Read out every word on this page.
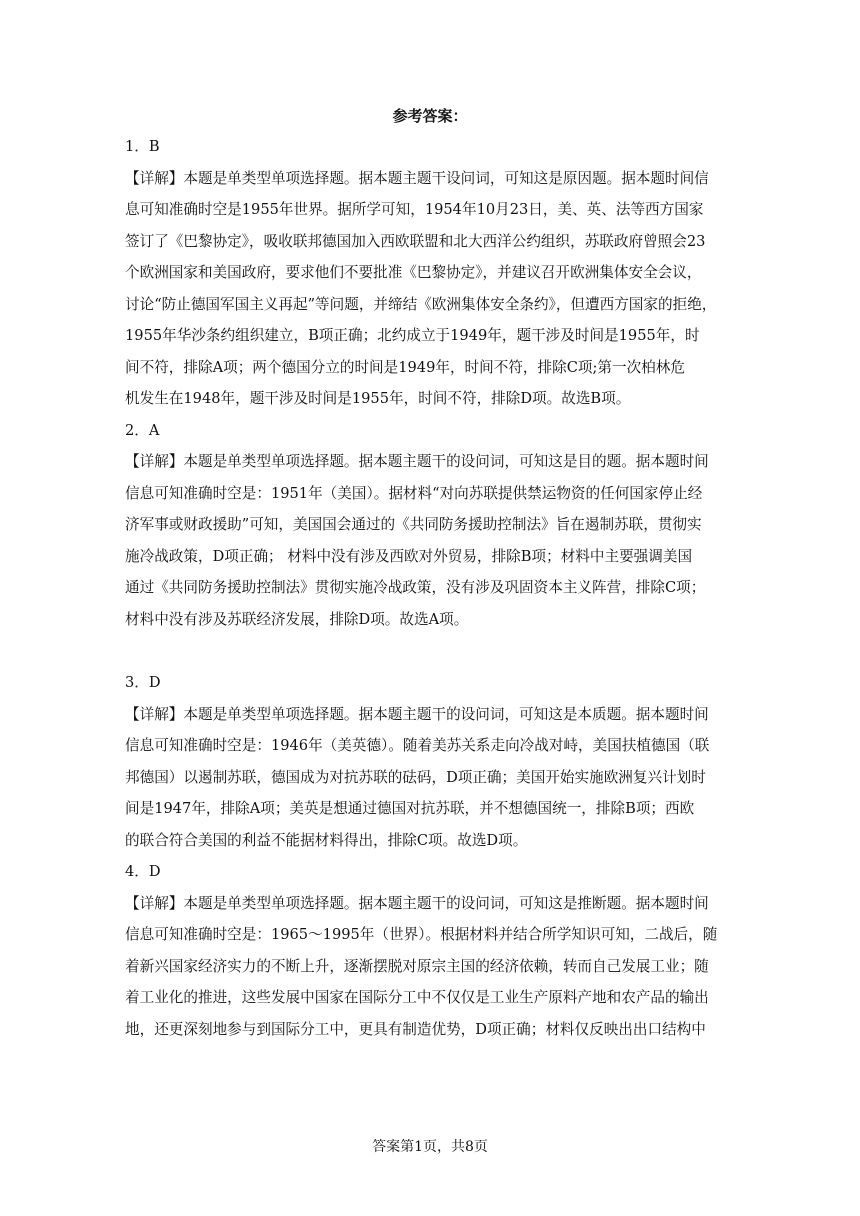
参考答案：

1．B

【详解】本题是单类型单项选择题。据本题主题干设问词，可知这是原因题。据本题时间信

息可知准确时空是1955年世界。据所学可知，1954年10月23日，美、英、法等西方国家

签订了《巴黎协定》，吸收联邦德国加入西欧联盟和北大西洋公约组织，苏联政府曾照会23

个欧洲国家和美国政府，要求他们不要批准《巴黎协定》，并建议召开欧洲集体安全会议，

讨论“防止德国军国主义再起”等问题，并缔结《欧洲集体安全条约》，但遭西方国家的拒绝，

1955年华沙条约组织建立，B项正确；北约成立于1949年，题干涉及时间是1955年，时

间不符，排除A项；两个德国分立的时间是1949年，时间不符，排除C项;第一次柏林危

机发生在1948年，题干涉及时间是1955年，时间不符，排除D项。故选B项。

2．A

【详解】本题是单类型单项选择题。据本题主题干的设问词，可知这是目的题。据本题时间

信息可知准确时空是：1951年（美国）。据材料“对向苏联提供禁运物资的任何国家停止经

济军事或财政援助”可知，美国国会通过的《共同防务援助控制法》旨在遏制苏联，贯彻实

施冷战政策，D项正确； 材料中没有涉及西欧对外贸易，排除B项；材料中主要强调美国

通过《共同防务援助控制法》贯彻实施冷战政策，没有涉及巩固资本主义阵营，排除C项；

材料中没有涉及苏联经济发展，排除D项。故选A项。

3．D

【详解】本题是单类型单项选择题。据本题主题干的设问词，可知这是本质题。据本题时间

信息可知准确时空是：1946年（美英德）。随着美苏关系走向冷战对峙，美国扶植德国（联

邦德国）以遏制苏联，德国成为对抗苏联的砝码，D项正确；美国开始实施欧洲复兴计划时

间是1947年，排除A项；美英是想通过德国对抗苏联，并不想德国统一，排除B项；西欧

的联合符合美国的利益不能据材料得出，排除C项。故选D项。

4．D

【详解】本题是单类型单项选择题。据本题主题干的设问词，可知这是推断题。据本题时间

信息可知准确时空是：1965～1995年（世界）。根据材料并结合所学知识可知，二战后，随

着新兴国家经济实力的不断上升，逐渐摆脱对原宗主国的经济依赖，转而自己发展工业；随

着工业化的推进，这些发展中国家在国际分工中不仅仅是工业生产原料产地和农产品的输出

地，还更深刻地参与到国际分工中，更具有制造优势，D项正确；材料仅反映出出口结构中

答案第1页，共8页
